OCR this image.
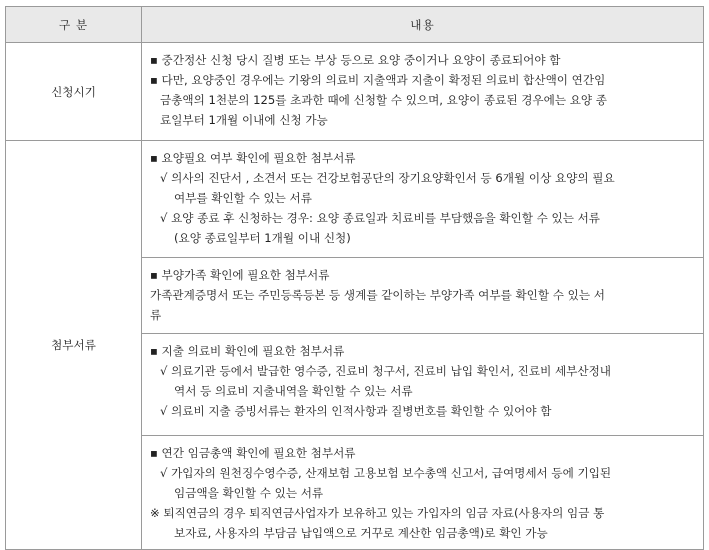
구 분	내용
신청시기	▪ 중간정산 신청 당시 질병 또는 부상 등으로 요양 중이거나 요양이 종료되어야 함
▪ 다만, 요양중인 경우에는 기왕의 의료비 지출액과 지출이 확정된 의료비 합산액이 연간임
금총액의 1천분의 125를 초과한 때에 신청할 수 있으며, 요양이 종료된 경우에는 요양 종
료일부터 1개월 이내에 신청 가능

첨부서류	▪ 요양필요 여부 확인에 필요한 첨부서류
√ 의사의 진단서 , 소견서 또는 건강보험공단의 장기요양확인서 등 6개월 이상 요양의 필요
여부를 확인할 수 있는 서류
√ 요양 종료 후 신청하는 경우: 요양 종료일과 치료비를 부담했음을 확인할 수 있는 서류
(요양 종료일부터 1개월 이내 신청)

	▪ 부양가족 확인에 필요한 첨부서류
가족관계증명서 또는 주민등록등본 등 생계를 같이하는 부양가족 여부를 확인할 수 있는 서
류

	▪ 지출 의료비 확인에 필요한 첨부서류
√ 의료기관 등에서 발급한 영수증, 진료비 청구서, 진료비 납입 확인서, 진료비 세부산정내
역서 등 의료비 지출내역을 확인할 수 있는 서류
√ 의료비 지출 증빙서류는 환자의 인적사항과 질병번호를 확인할 수 있어야 함

	▪ 연간 임금총액 확인에 필요한 첨부서류
√ 가입자의 원천징수영수증, 산재보험 고용보험 보수총액 신고서, 급여명세서 등에 기입된
임금액을 확인할 수 있는 서류
※ 퇴직연금의 경우 퇴직연금사업자가 보유하고 있는 가입자의 임금 자료(사용자의 임금 통
보자료, 사용자의 부담금 납입액으로 거꾸로 계산한 임금총액)로 확인 가능
